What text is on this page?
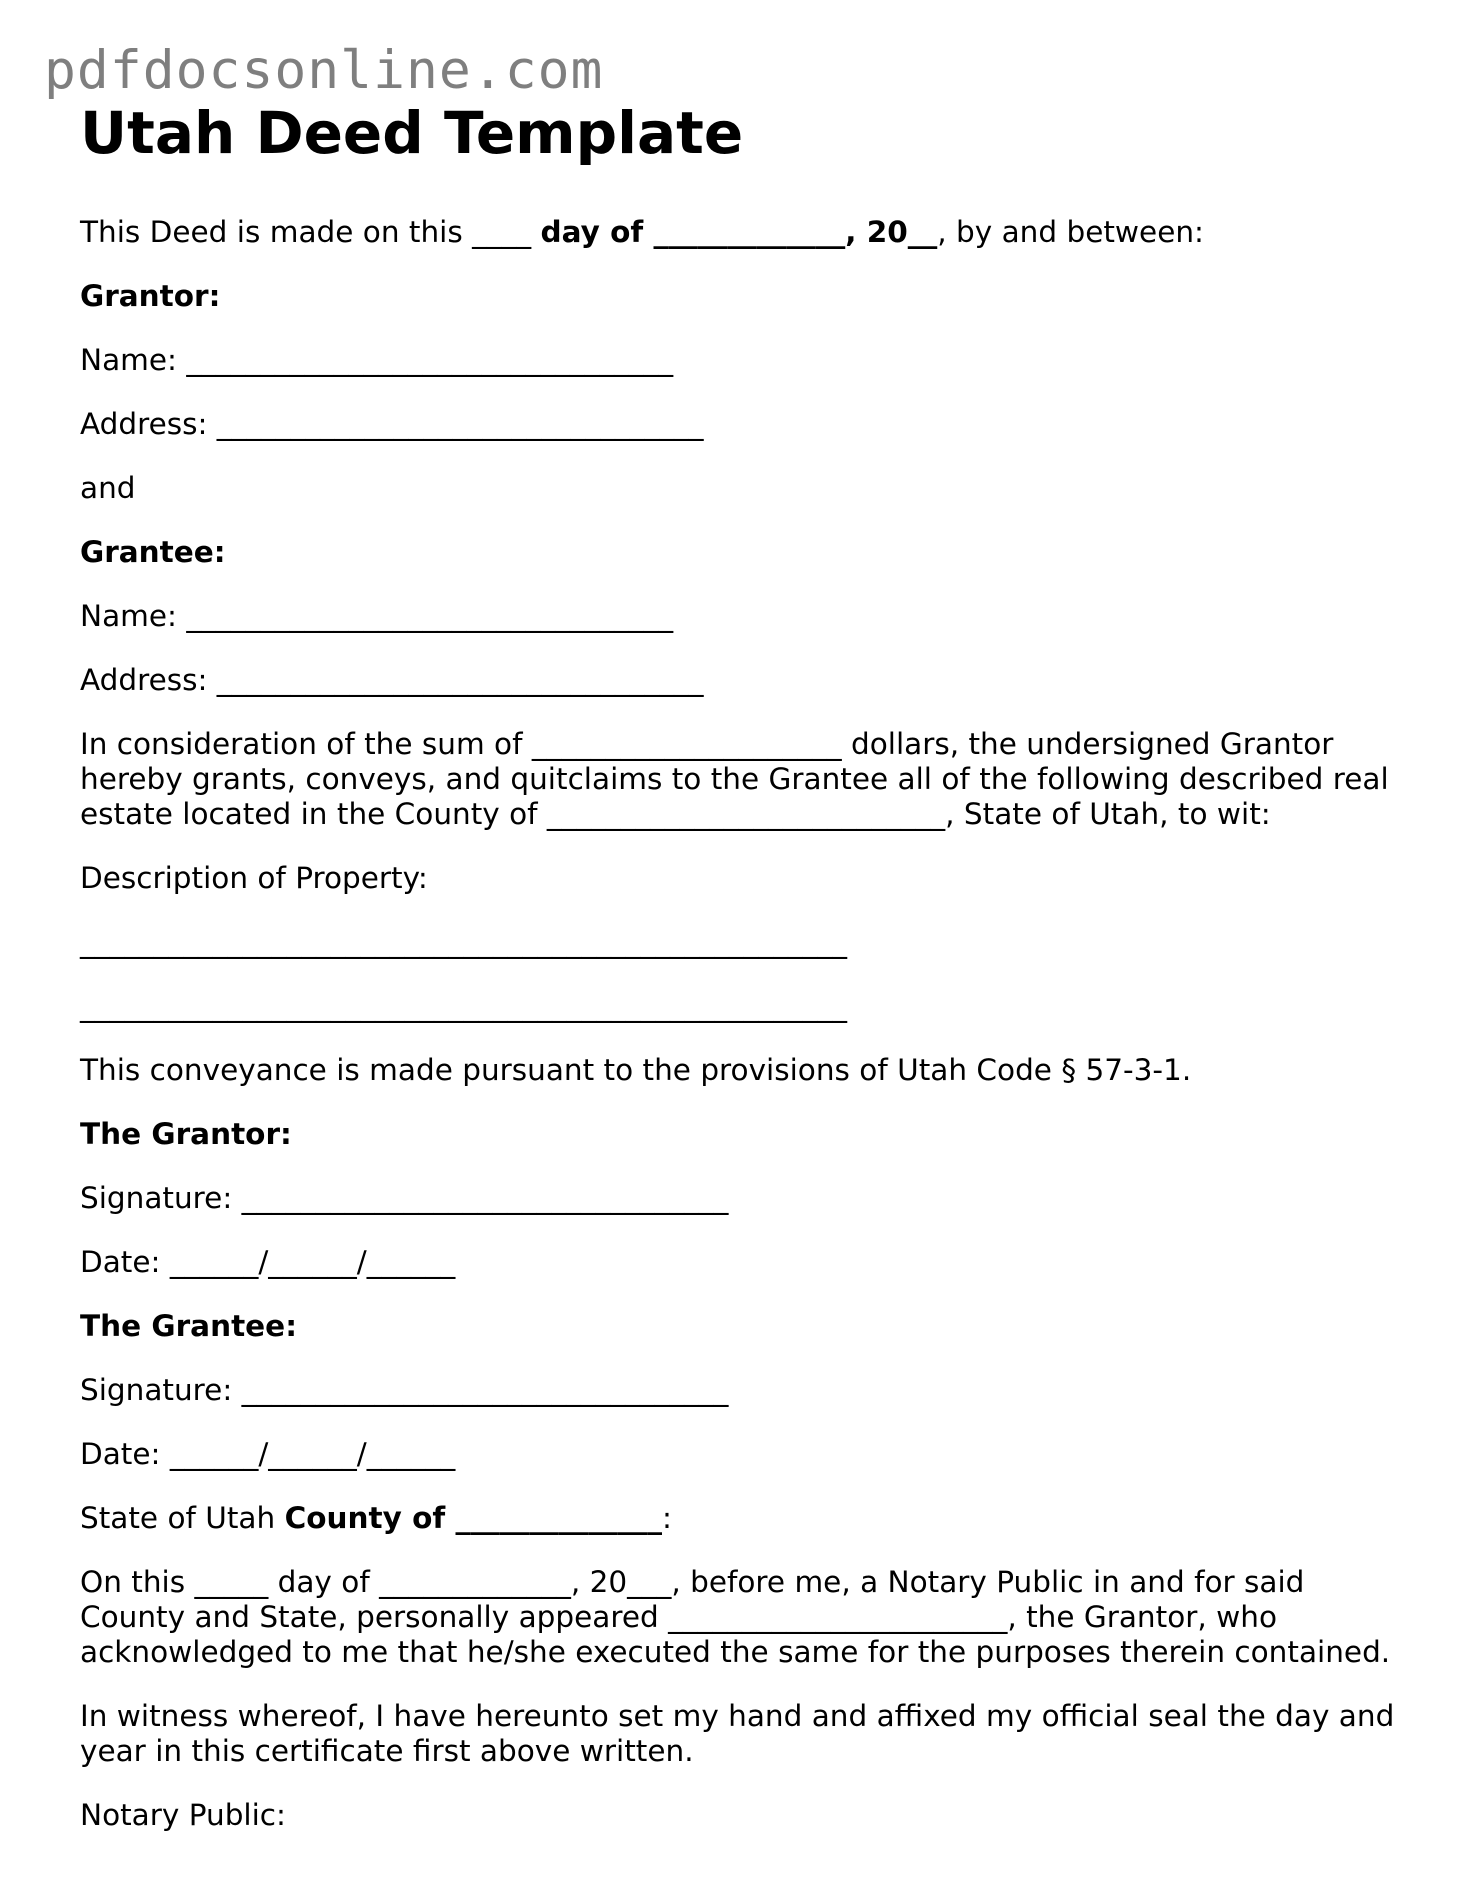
pdfdocsonline.com
Utah Deed Template

This Deed is made on this ____ day of _____________, 20__, by and between:

Grantor:

Name: _________________________________

Address: _________________________________

and

Grantee:

Name: _________________________________

Address: _________________________________

In consideration of the sum of _____________________ dollars, the undersigned Grantor

hereby grants, conveys, and quitclaims to the Grantee all of the following described real

estate located in the County of ___________________________, State of Utah, to wit:

Description of Property:

____________________________________________________

____________________________________________________

This conveyance is made pursuant to the provisions of Utah Code § 57-3-1.

The Grantor:

Signature: _________________________________

Date: ______/______/______

The Grantee:

Signature: _________________________________

Date: ______/______/______

State of Utah County of ______________:

On this _____ day of _____________, 20___, before me, a Notary Public in and for said

County and State, personally appeared _______________________, the Grantor, who

acknowledged to me that he/she executed the same for the purposes therein contained.

In witness whereof, I have hereunto set my hand and affixed my official seal the day and

year in this certificate first above written.

Notary Public:
